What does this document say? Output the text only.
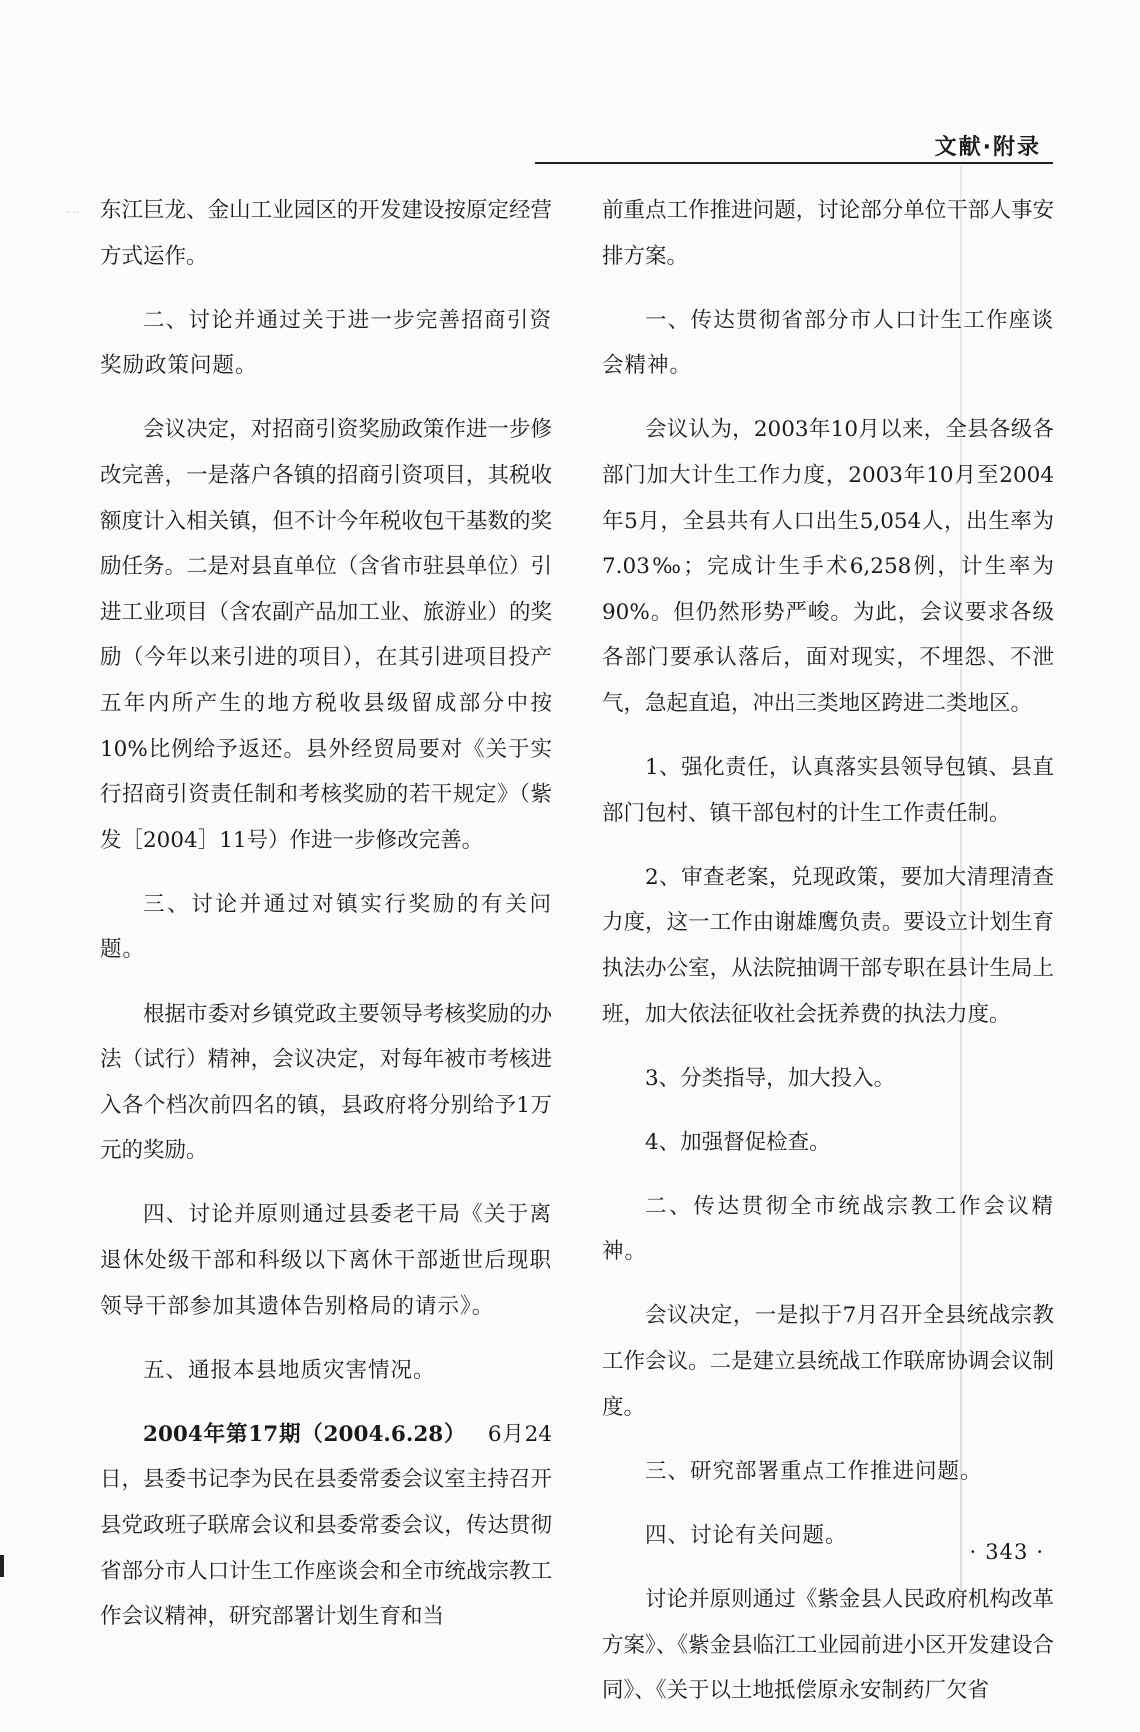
文献·附录
· ·· 东江巨龙、金山工业园区的开发建设按原定经营方式运作。

二、讨论并通过关于进一步完善招商引资奖励政策问题。

会议决定，对招商引资奖励政策作进一步修改完善，一是落户各镇的招商引资项目，其税收额度计入相关镇，但不计今年税收包干基数的奖励任务。二是对县直单位（含省市驻县单位）引进工业项目（含农副产品加工业、旅游业）的奖励（今年以来引进的项目），在其引进项目投产五年内所产生的地方税收县级留成部分中按10%比例给予返还。县外经贸局要对《关于实行招商引资责任制和考核奖励的若干规定》（紫发［2004］11号）作进一步修改完善。

三、讨论并通过对镇实行奖励的有关问题。

根据市委对乡镇党政主要领导考核奖励的办法（试行）精神，会议决定，对每年被市考核进入各个档次前四名的镇，县政府将分别给予1万元的奖励。

四、讨论并原则通过县委老干局《关于离退休处级干部和科级以下离休干部逝世后现职领导干部参加其遗体告别格局的请示》。

五、通报本县地质灾害情况。

2004年第17期（2004.6.28）  6月24日，县委书记李为民在县委常委会议室主持召开县党政班子联席会议和县委常委会议，传达贯彻省部分市人口计生工作座谈会和全市统战宗教工作会议精神，研究部署计划生育和当

前重点工作推进问题，讨论部分单位干部人事安排方案。

一、传达贯彻省部分市人口计生工作座谈会精神。

会议认为，2003年10月以来，全县各级各部门加大计生工作力度，2003年10月至2004年5月，全县共有人口出生5,054人，出生率为7.03‰；完成计生手术6,258例，计生率为90%。但仍然形势严峻。为此，会议要求各级各部门要承认落后，面对现实，不埋怨、不泄气，急起直追，冲出三类地区跨进二类地区。

1、强化责任，认真落实县领导包镇、县直部门包村、镇干部包村的计生工作责任制。

2、审查老案，兑现政策，要加大清理清查力度，这一工作由谢雄鹰负责。要设立计划生育执法办公室，从法院抽调干部专职在县计生局上班，加大依法征收社会抚养费的执法力度。

3、分类指导，加大投入。

4、加强督促检查。

二、传达贯彻全市统战宗教工作会议精神。

会议决定，一是拟于7月召开全县统战宗教工作会议。二是建立县统战工作联席协调会议制度。

三、研究部署重点工作推进问题。

四、讨论有关问题。

讨论并原则通过《紫金县人民政府机构改革方案》、《紫金县临江工业园前进小区开发建设合同》、《关于以土地抵偿原永安制药厂欠省

· 343 ·
